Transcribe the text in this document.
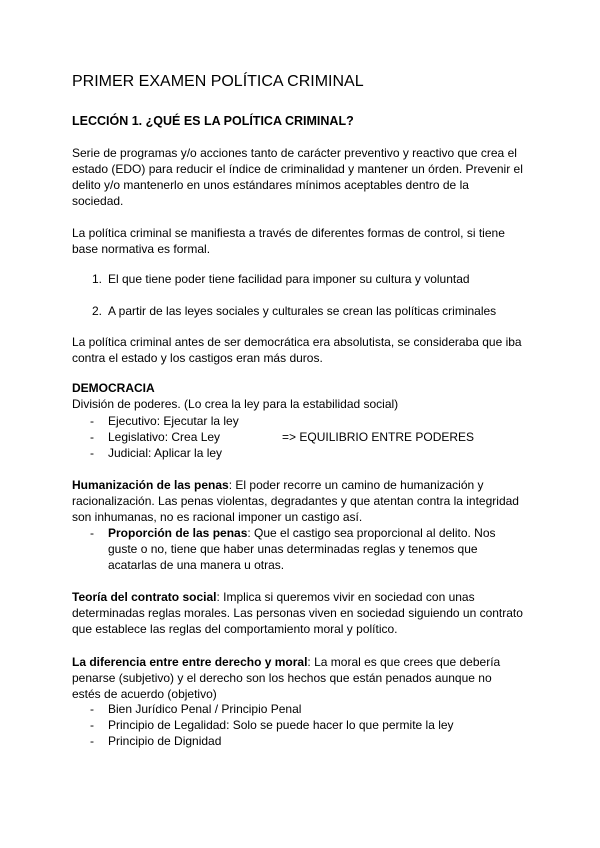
PRIMER EXAMEN POLÍTICA CRIMINAL
LECCIÓN 1. ¿QUÉ ES LA POLÍTICA CRIMINAL?
Serie de programas y/o acciones tanto de carácter preventivo y reactivo que crea el
estado (EDO) para reducir el índice de criminalidad y mantener un órden. Prevenir el
delito y/o mantenerlo en unos estándares mínimos aceptables dentro de la
sociedad.
La política criminal se manifiesta a través de diferentes formas de control, si tiene
base normativa es formal.
1. El que tiene poder tiene facilidad para imponer su cultura y voluntad
2. A partir de las leyes sociales y culturales se crean las políticas criminales
La política criminal antes de ser democrática era absolutista, se consideraba que iba
contra el estado y los castigos eran más duros.
DEMOCRACIA
División de poderes. (Lo crea la ley para la estabilidad social)
- Ejecutivo: Ejecutar la ley
- Legislativo: Crea Ley	=> EQUILIBRIO ENTRE PODERES
- Judicial: Aplicar la ley
Humanización de las penas: El poder recorre un camino de humanización y
racionalización. Las penas violentas, degradantes y que atentan contra la integridad
son inhumanas, no es racional imponer un castigo así.
- Proporción de las penas: Que el castigo sea proporcional al delito. Nos
guste o no, tiene que haber unas determinadas reglas y tenemos que
acatarlas de una manera u otras.
Teoría del contrato social: Implica si queremos vivir en sociedad con unas
determinadas reglas morales. Las personas viven en sociedad siguiendo un contrato
que establece las reglas del comportamiento moral y político.
La diferencia entre entre derecho y moral: La moral es que crees que debería
penarse (subjetivo) y el derecho son los hechos que están penados aunque no
estés de acuerdo (objetivo)
- Bien Jurídico Penal / Principio Penal
- Principio de Legalidad: Solo se puede hacer lo que permite la ley
- Principio de Dignidad
